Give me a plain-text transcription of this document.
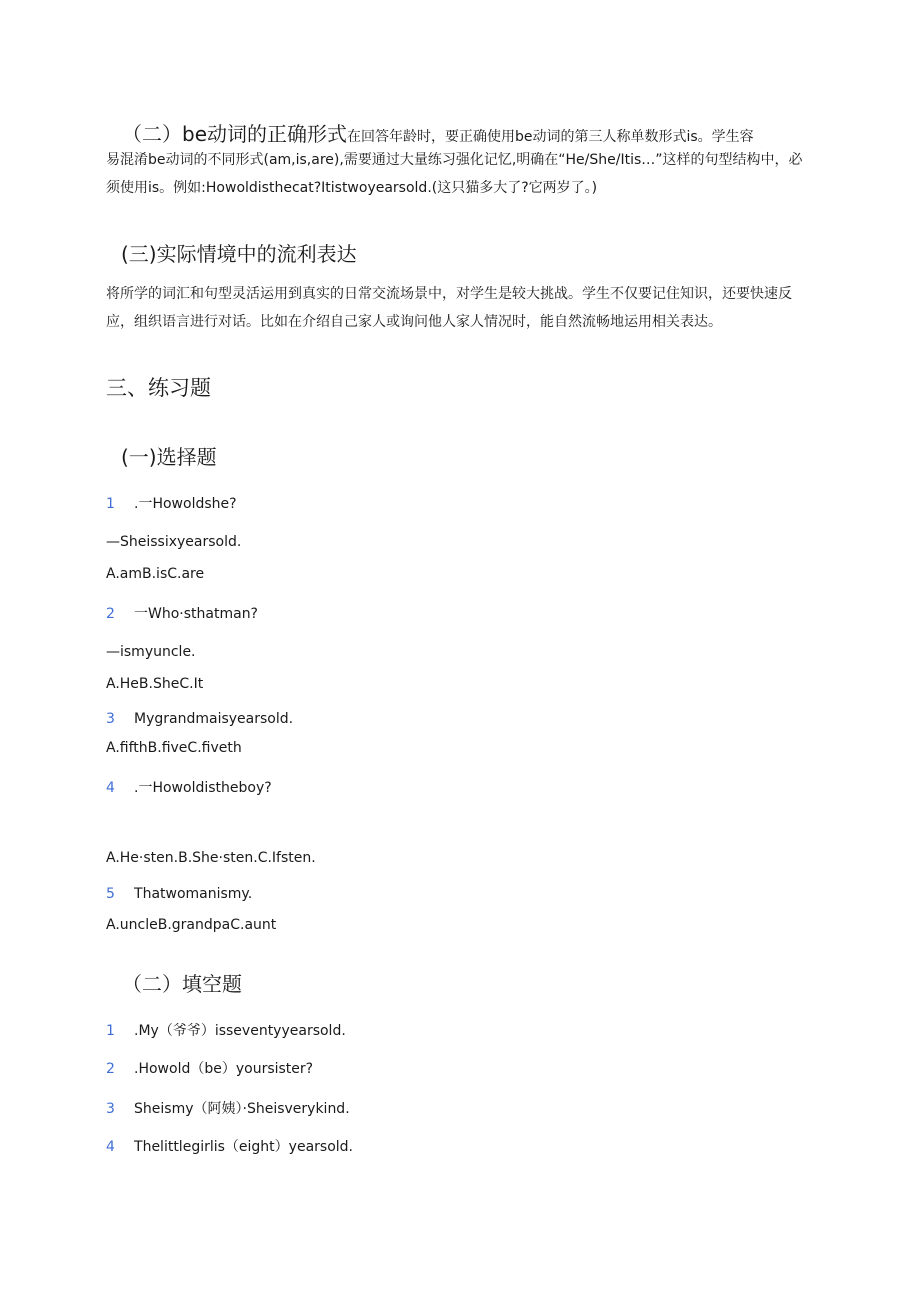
（二）be动词的正确形式在回答年龄时，要正确使用be动词的第三人称单数形式is。学生容
易混淆be动词的不同形式(am,is,are),需要通过大量练习强化记忆,明确在“He/She/Itis…”这样的句型结构中，必须使用is。例如:Howoldisthecat?Itistwoyearsold.(这只猫多大了?它两岁了。)
(三)实际情境中的流利表达
将所学的词汇和句型灵活运用到真实的日常交流场景中，对学生是较大挑战。学生不仅要记住知识，还要快速反应，组织语言进行对话。比如在介绍自己家人或询问他人家人情况时，能自然流畅地运用相关表达。
三、练习题
(一)选择题
1 .一Howoldshe?
—Sheissixyearsold.
A.amB.isC.are
2 一Who·sthatman?
—ismyuncle.
A.HeB.SheC.It
3 Mygrandmaisyearsold.
A.fifthB.fiveC.fiveth
4 .一Howoldistheboy?
A.He·sten.B.She·sten.C.Ifsten.
5 Thatwomanismy.
A.uncleB.grandpaC.aunt
（二）填空题
1 .My（爷爷）isseventyyearsold.
2 .Howold（be）yoursister?
3 Sheismy（阿姨）·Sheisverykind.
4 Thelittlegirlis（eight）yearsold.
